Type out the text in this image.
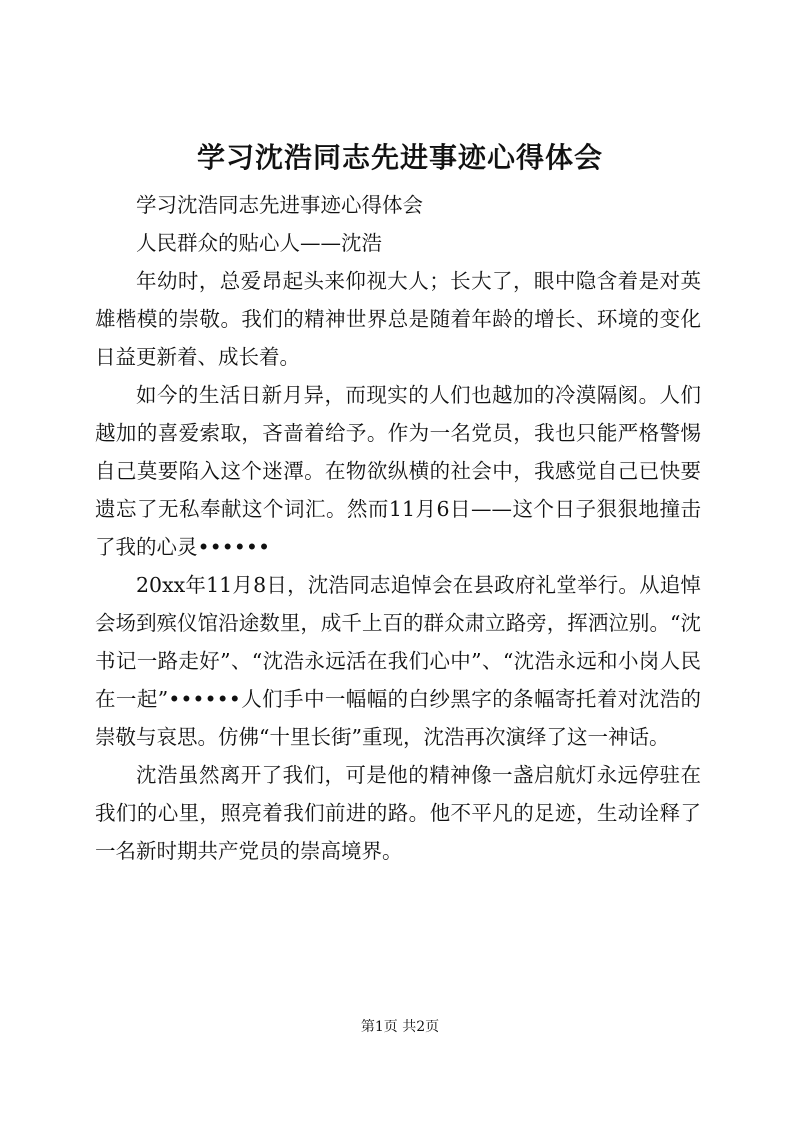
学习沈浩同志先进事迹心得体会

学习沈浩同志先进事迹心得体会

人民群众的贴心人——沈浩

年幼时，总爱昂起头来仰视大人；长大了，眼中隐含着是对英雄楷模的崇敬。我们的精神世界总是随着年龄的增长、环境的变化日益更新着、成长着。

如今的生活日新月异，而现实的人们也越加的冷漠隔阂。人们越加的喜爱索取，吝啬着给予。作为一名党员，我也只能严格警惕自己莫要陷入这个迷潭。在物欲纵横的社会中，我感觉自己已快要遗忘了无私奉献这个词汇。然而11月6日——这个日子狠狠地撞击了我的心灵••••••

20xx年11月8日，沈浩同志追悼会在县政府礼堂举行。从追悼会场到殡仪馆沿途数里，成千上百的群众肃立路旁，挥洒泣别。“沈书记一路走好”、“沈浩永远活在我们心中”、“沈浩永远和小岗人民在一起”••••••人们手中一幅幅的白纱黑字的条幅寄托着对沈浩的崇敬与哀思。仿佛“十里长街”重现，沈浩再次演绎了这一神话。

沈浩虽然离开了我们，可是他的精神像一盏启航灯永远停驻在我们的心里，照亮着我们前进的路。他不平凡的足迹，生动诠释了一名新时期共产党员的崇高境界。

第1页 共2页
